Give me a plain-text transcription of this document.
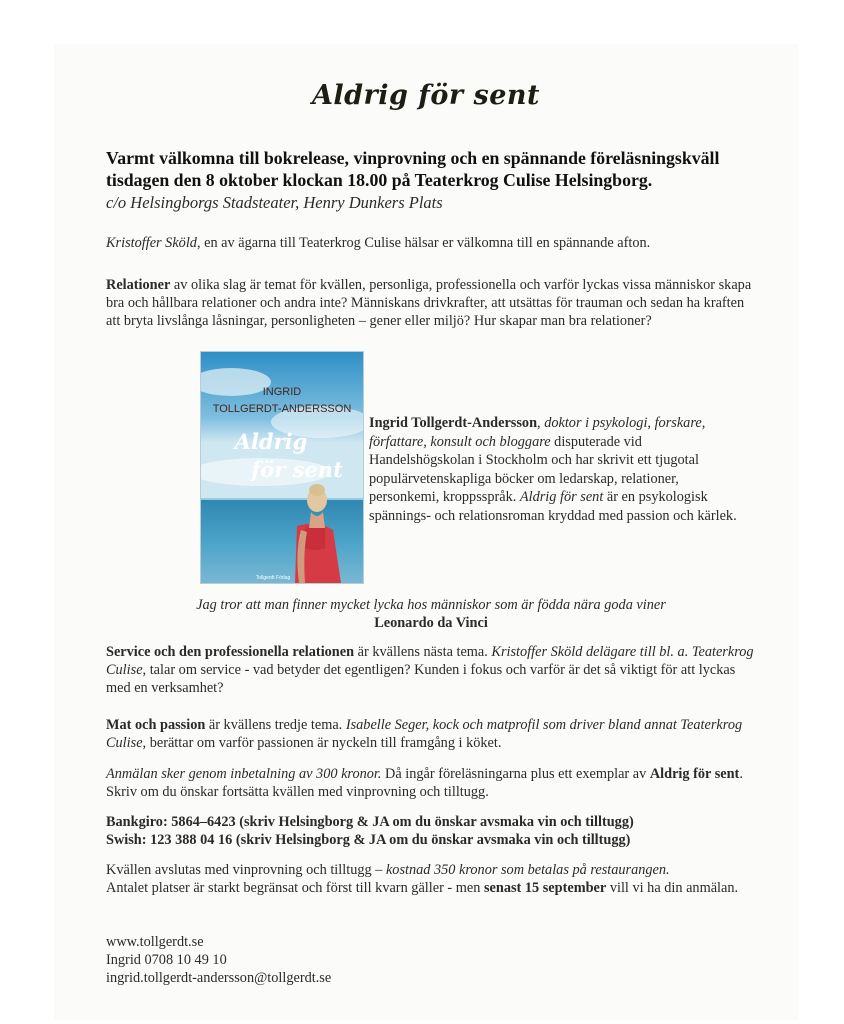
Aldrig för sent
Varmt välkomna till bokrelease, vinprovning och en spännande föreläsningskväll
tisdagen den 8 oktober klockan 18.00 på Teaterkrog Culise Helsingborg.
c/o Helsingborgs Stadsteater, Henry Dunkers Plats

Kristoffer Sköld, en av ägarna till Teaterkrog Culise hälsar er välkomna till en spännande afton.

Relationer av olika slag är temat för kvällen, personliga, professionella och varför lyckas vissa människor skapa bra och hållbara relationer och andra inte? Människans drivkrafter, att utsättas för trauman och sedan ha kraften att bryta livslånga låsningar, personligheten – gener eller miljö? Hur skapar man bra relationer?

INGRID
TOLLGERDT-ANDERSSON
Aldrig
för sent
Tollgerdt Förlag

Ingrid Tollgerdt-Andersson, doktor i psykologi, forskare, författare, konsult och bloggare disputerade vid Handelshögskolan i Stockholm och har skrivit ett tjugotal populärvetenskapliga böcker om ledarskap, relationer, personkemi, kroppsspråk. Aldrig för sent är en psykologisk spännings- och relationsroman kryddad med passion och kärlek.

Jag tror att man finner mycket lycka hos människor som är födda nära goda viner
Leonardo da Vinci

Service och den professionella relationen är kvällens nästa tema. Kristoffer Sköld delägare till bl. a. Teaterkrog Culise, talar om service - vad betyder det egentligen? Kunden i fokus och varför är det så viktigt för att lyckas med en verksamhet?

Mat och passion är kvällens tredje tema. Isabelle Seger, kock och matprofil som driver bland annat Teaterkrog Culise, berättar om varför passionen är nyckeln till framgång i köket.

Anmälan sker genom inbetalning av 300 kronor. Då ingår föreläsningarna plus ett exemplar av Aldrig för sent.
Skriv om du önskar fortsätta kvällen med vinprovning och tilltugg.
Bankgiro: 5864–6423 (skriv Helsingborg & JA om du önskar avsmaka vin och tilltugg)
Swish: 123 388 04 16 (skriv Helsingborg & JA om du önskar avsmaka vin och tilltugg)

Kvällen avslutas med vinprovning och tilltugg – kostnad 350 kronor som betalas på restaurangen.
Antalet platser är starkt begränsat och först till kvarn gäller - men senast 15 september vill vi ha din anmälan.

www.tollgerdt.se
Ingrid 0708 10 49 10
ingrid.tollgerdt-andersson@tollgerdt.se
